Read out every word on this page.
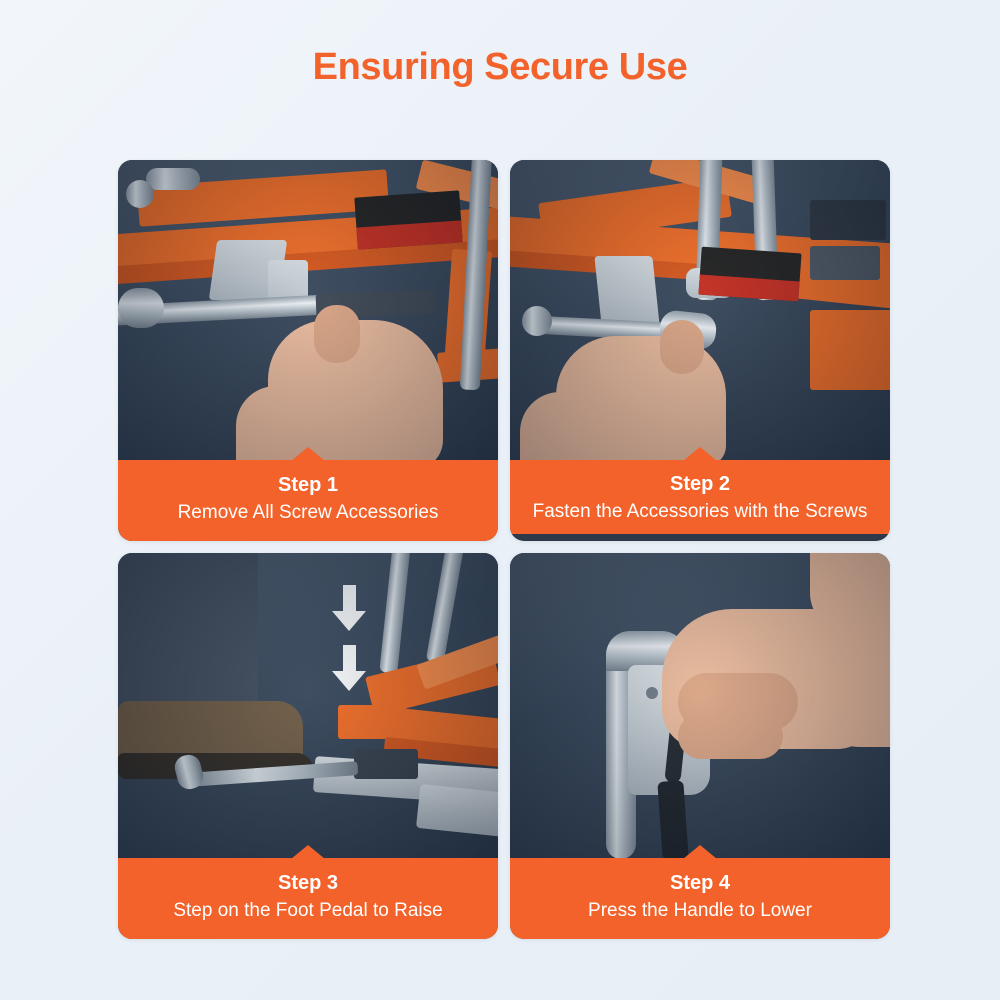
Ensuring Secure Use
Step 1
Remove All Screw Accessories
Step 2
Fasten the Accessories with the Screws
Step 3
Step on the Foot Pedal to Raise
Step 4
Press the Handle to Lower
